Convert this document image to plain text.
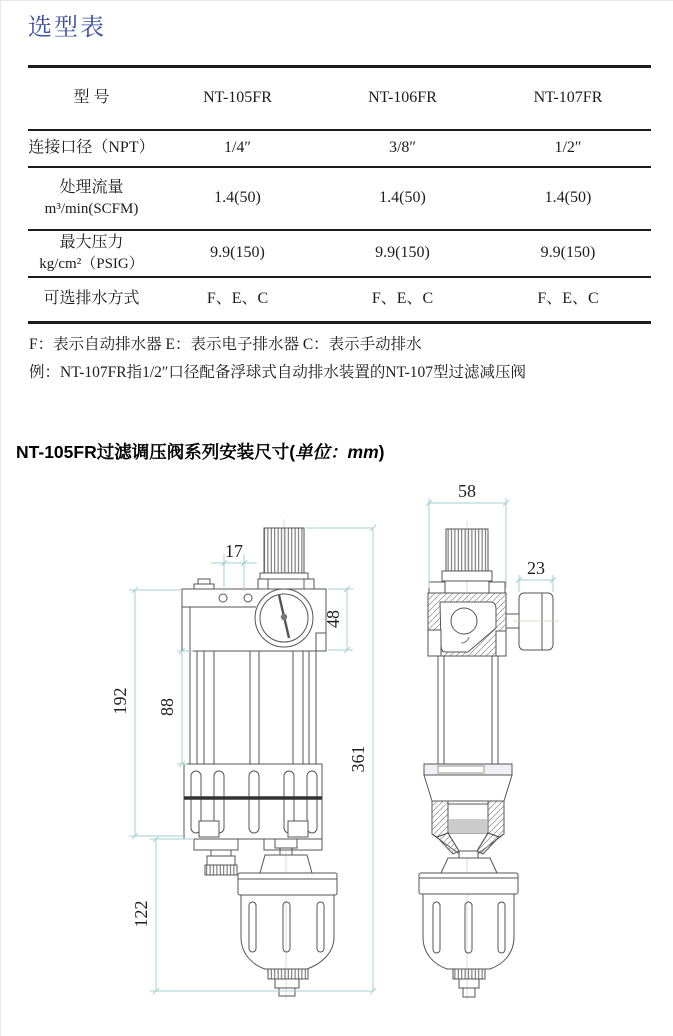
选型表
型 号	NT-105FR	NT-106FR	NT-107FR
连接口径（NPT）	1/4″	3/8″	1/2″

处理流量
m³/min(SCFM)	1.4(50)	1.4(50)	1.4(50)

最大压力
kg/cm²（PSIG）	9.9(150)	9.9(150)	9.9(150)
可选排水方式	F、E、C	F、E、C	F、E、C
F：表示自动排水器 E：表示电子排水器 C：表示手动排水
例：NT-107FR指1/2″口径配备浮球式自动排水装置的NT-107型过滤减压阀
NT-105FR过滤调压阀系列安装尺寸(单位：mm)
17
48
88
192
122
361
58
23
